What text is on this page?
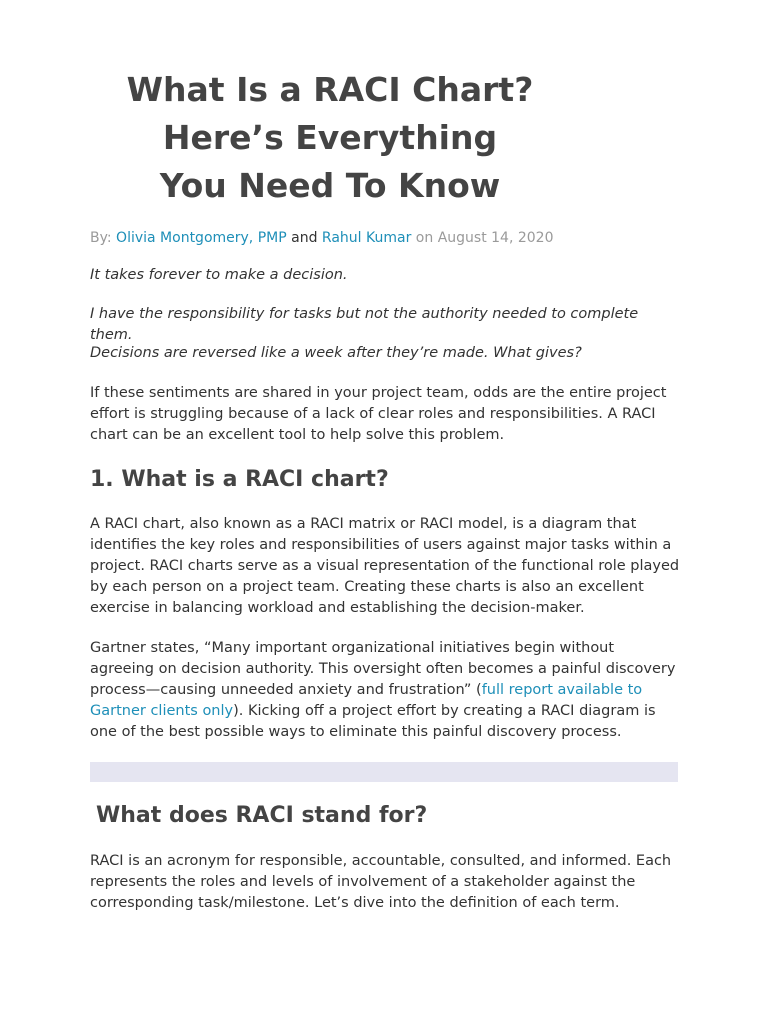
What Is a RACI Chart?
Here’s Everything
You Need To Know
By: Olivia Montgomery, PMP and Rahul Kumar on August 14, 2020

It takes forever to make a decision.

I have the responsibility for tasks but not the authority needed to complete them.

Decisions are reversed like a week after they’re made. What gives?

If these sentiments are shared in your project team, odds are the entire project effort is struggling because of a lack of clear roles and responsibilities. A RACI chart can be an excellent tool to help solve this problem.

1. What is a RACI chart?

A RACI chart, also known as a RACI matrix or RACI model, is a diagram that identifies the key roles and responsibilities of users against major tasks within a project. RACI charts serve as a visual representation of the functional role played by each person on a project team. Creating these charts is also an excellent exercise in balancing workload and establishing the decision-maker.

Gartner states, “Many important organizational initiatives begin without agreeing on decision authority. This oversight often becomes a painful discovery process—causing unneeded anxiety and frustration” (full report available to Gartner clients only). Kicking off a project effort by creating a RACI diagram is one of the best possible ways to eliminate this painful discovery process.

What does RACI stand for?

RACI is an acronym for responsible, accountable, consulted, and informed. Each represents the roles and levels of involvement of a stakeholder against the corresponding task/milestone. Let’s dive into the definition of each term.
